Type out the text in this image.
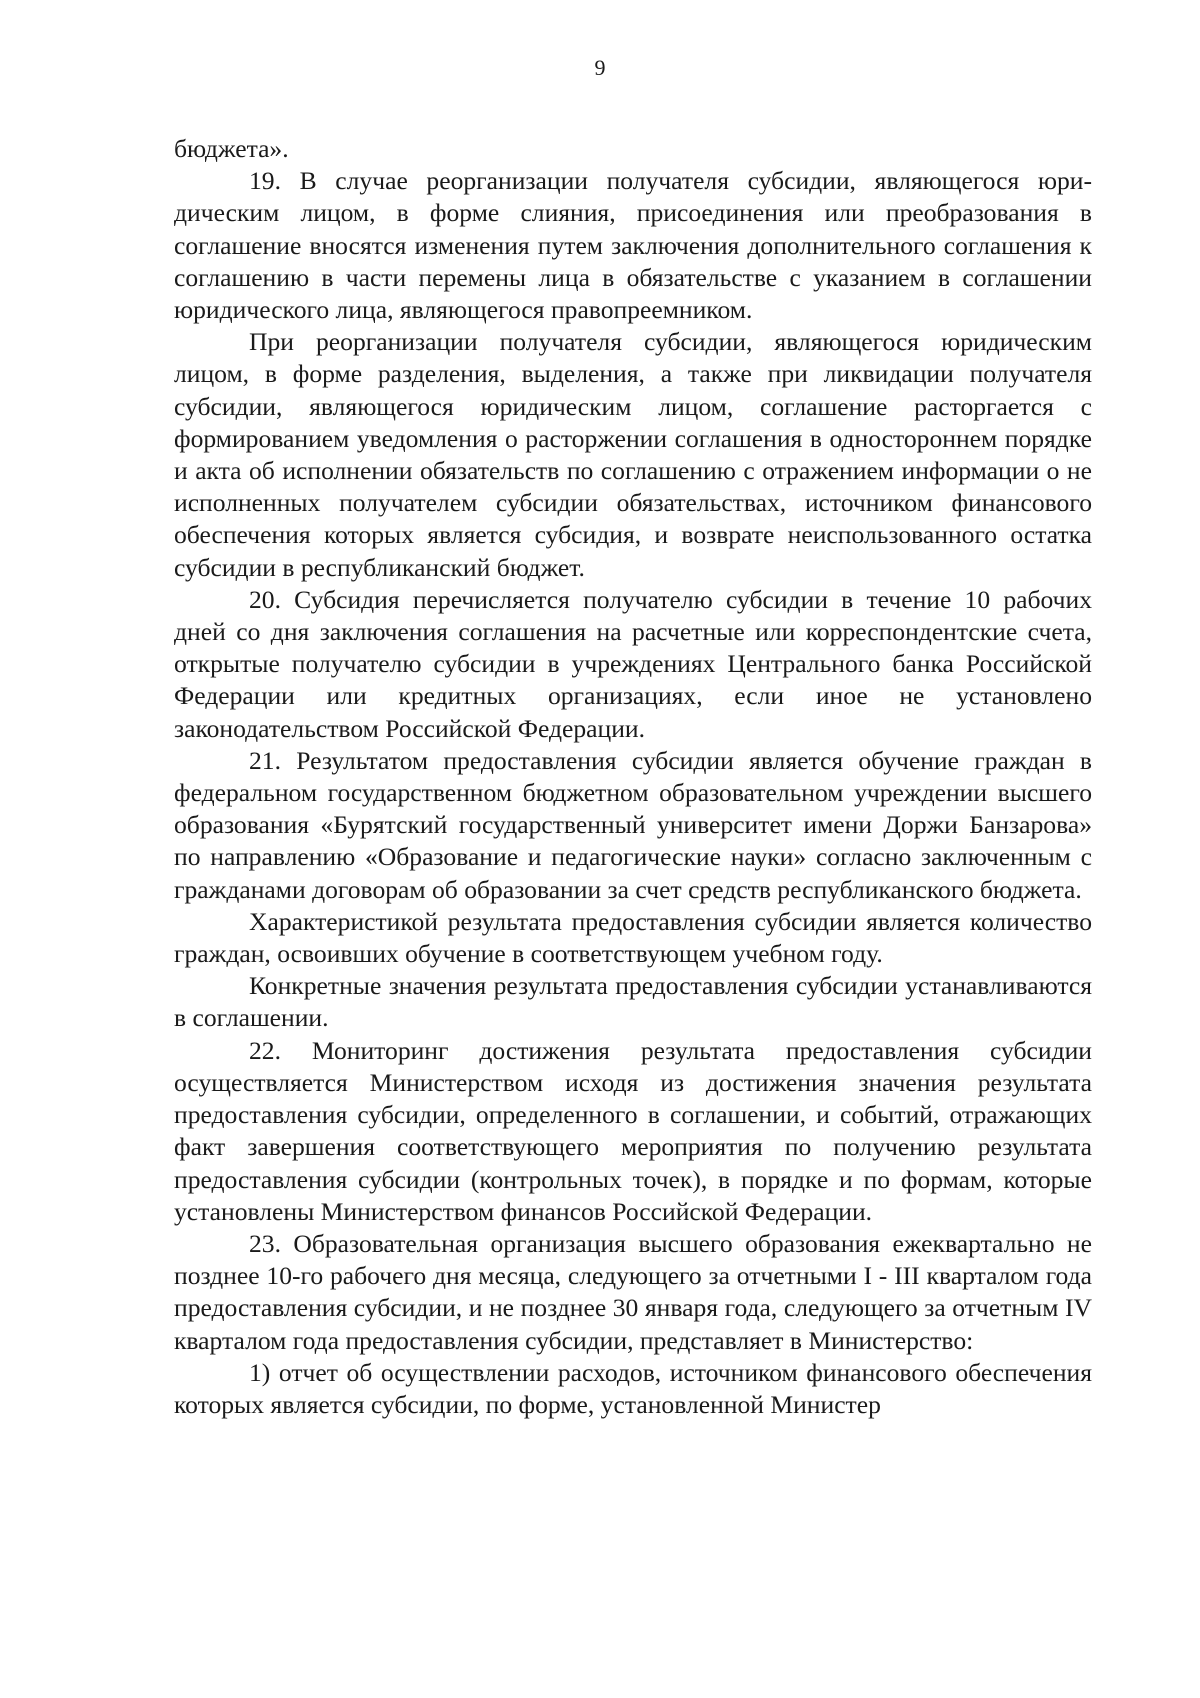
9

бюджета».

19. В случае реорганизации получателя субсидии, являющегося юридическим лицом, в форме слияния, присоединения или преобразования в соглашение вносятся изменения путем заключения дополнительного соглашения к соглашению в части перемены лица в обязательстве с указанием в соглашении юридического лица, являющегося правопреемником.

При реорганизации получателя субсидии, являющегося юридическим лицом, в форме разделения, выделения, а также при ликвидации получателя субсидии, являющегося юридическим лицом, соглашение расторгается с формированием уведомления о расторжении соглашения в одностороннем порядке и акта об исполнении обязательств по соглашению с отражением информации о не исполненных получателем субсидии обязательствах, источником финансового обеспечения которых является субсидия, и возврате неиспользованного остатка субсидии в республиканский бюджет.

20. Субсидия перечисляется получателю субсидии в течение 10 рабочих дней со дня заключения соглашения на расчетные или корреспондентские счета, открытые получателю субсидии в учреждениях Центрального банка Российской Федерации или кредитных организациях, если иное не установлено законодательством Российской Федерации.

21. Результатом предоставления субсидии является обучение граждан в федеральном государственном бюджетном образовательном учреждении высшего образования «Бурятский государственный университет имени Доржи Банзарова» по направлению «Образование и педагогические науки» согласно заключенным с гражданами договорам об образовании за счет средств республиканского бюджета.

Характеристикой результата предоставления субсидии является количество граждан, освоивших обучение в соответствующем учебном году.

Конкретные значения результата предоставления субсидии устанавливаются в соглашении.

22. Мониторинг достижения результата предоставления субсидии осуществляется Министерством исходя из достижения значения результата предоставления субсидии, определенного в соглашении, и событий, отражающих факт завершения соответствующего мероприятия по получению результата предоставления субсидии (контрольных точек), в порядке и по формам, которые установлены Министерством финансов Российской Федерации.

23. Образовательная организация высшего образования ежеквартально не позднее 10-го рабочего дня месяца, следующего за отчетными I - III кварталом года предоставления субсидии, и не позднее 30 января года, следующего за отчетным IV кварталом года предоставления субсидии, представляет в Министерство:

1) отчет об осуществлении расходов, источником финансового обеспечения которых является субсидии, по форме, установленной Министер
